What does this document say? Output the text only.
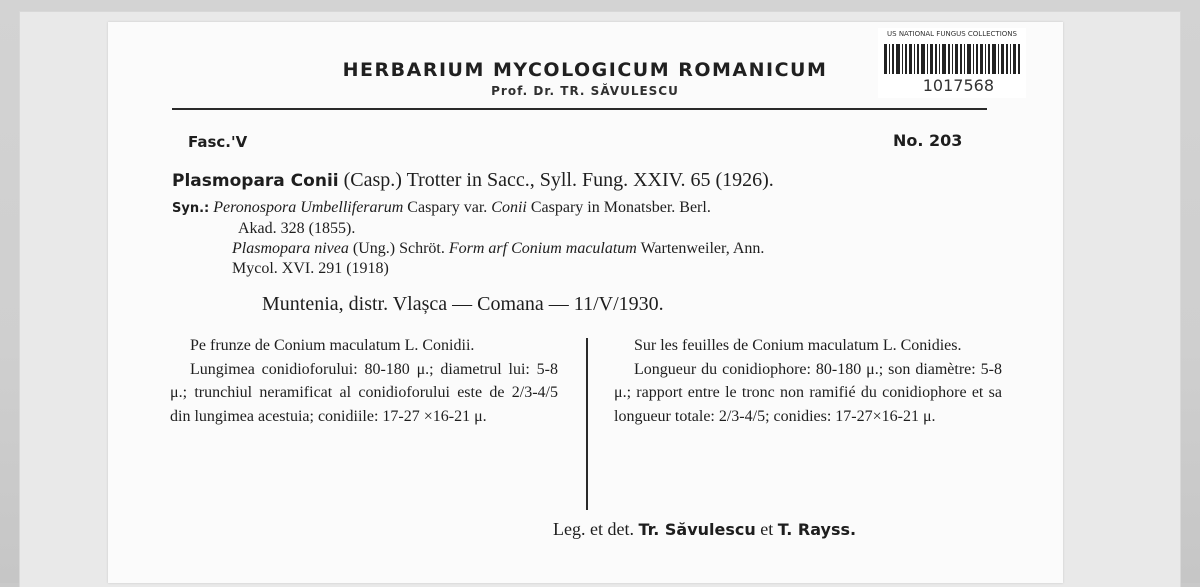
HERBARIUM MYCOLOGICUM ROMANICUM
Prof. Dr. TR. SĂVULESCU
US NATIONAL FUNGUS COLLECTIONS
1017568
Fasc.'V	No. 203
Plasmopara Conii (Casp.) Trotter in Sacc., Syll. Fung. XXIV. 65 (1926).
Syn.: Peronospora Umbelliferarum Caspary var. Conii Caspary in Monatsber. Berl.
Akad. 328 (1855).
Plasmopara nivea (Ung.) Schröt. Form arf Conium maculatum Wartenweiler, Ann.
Mycol. XVI. 291 (1918)
Muntenia, distr. Vlașca — Comana — 11/V/1930.

Pe frunze de Conium maculatum L. Conidii.

Lungimea conidioforului: 80-180 μ.; diametrul lui: 5-8 μ.; trunchiul neramificat al conidioforului este de 2/3-4/5 din lungimea acestuia; conidiile: 17-27 ×16-21 μ.

Sur les feuilles de Conium maculatum L. Conidies.

Longueur du conidiophore: 80-180 μ.; son diamètre: 5-8 μ.; rapport entre le tronc non ramifié du conidiophore et sa longueur totale: 2/3-4/5; conidies: 17-27×16-21 μ.

Leg. et det. Tr. Săvulescu et T. Rayss.
